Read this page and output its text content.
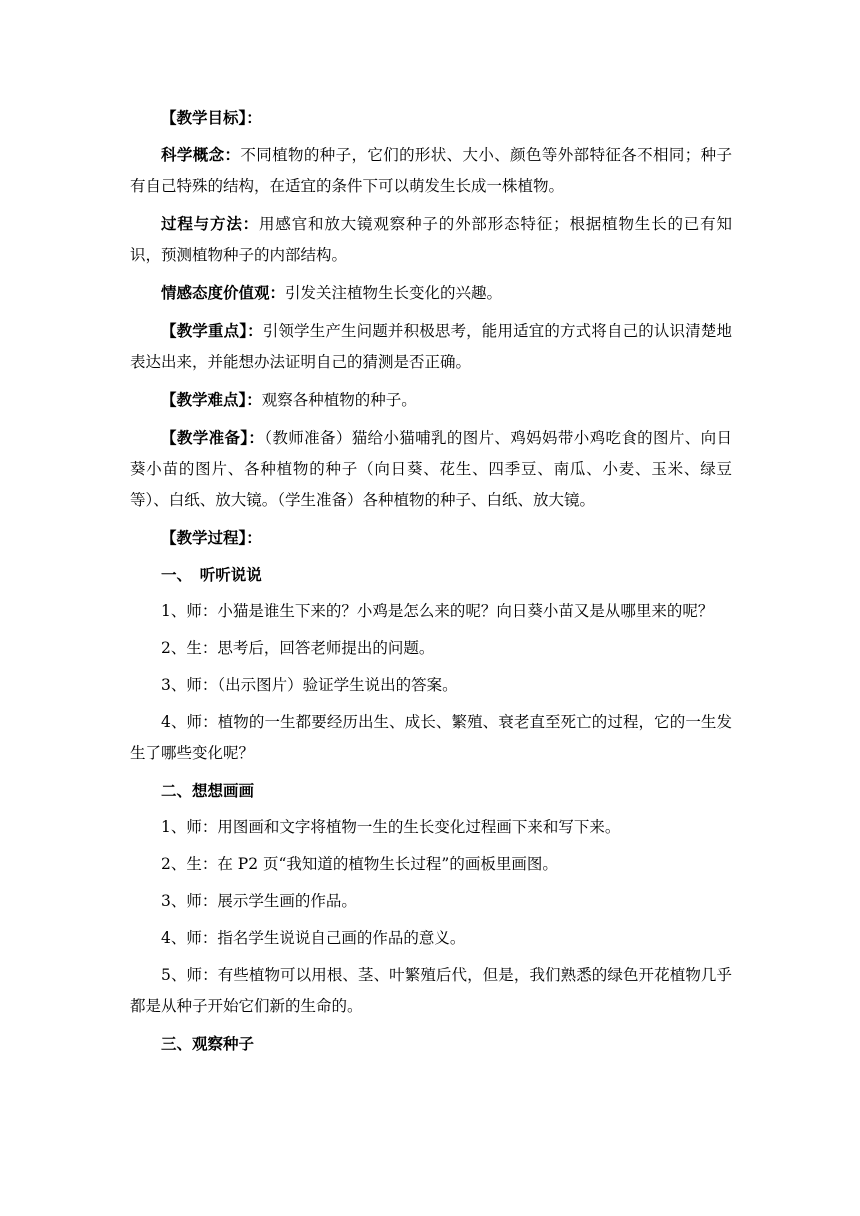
【教学目标】：

科学概念：不同植物的种子，它们的形状、大小、颜色等外部特征各不相同；种子有自己特殊的结构，在适宜的条件下可以萌发生长成一株植物。

过程与方法：用感官和放大镜观察种子的外部形态特征；根据植物生长的已有知识，预测植物种子的内部结构。

情感态度价值观：引发关注植物生长变化的兴趣。

【教学重点】：引领学生产生问题并积极思考，能用适宜的方式将自己的认识清楚地表达出来，并能想办法证明自己的猜测是否正确。

【教学难点】：观察各种植物的种子。

【教学准备】：（教师准备）猫给小猫哺乳的图片、鸡妈妈带小鸡吃食的图片、向日葵小苗的图片、各种植物的种子（向日葵、花生、四季豆、南瓜、小麦、玉米、绿豆等）、白纸、放大镜。（学生准备）各种植物的种子、白纸、放大镜。

【教学过程】：

一、　听听说说

1、师：小猫是谁生下来的？小鸡是怎么来的呢？向日葵小苗又是从哪里来的呢？

2、生：思考后，回答老师提出的问题。

3、师：（出示图片）验证学生说出的答案。

4、师：植物的一生都要经历出生、成长、繁殖、衰老直至死亡的过程，它的一生发生了哪些变化呢？

二、想想画画

1、师：用图画和文字将植物一生的生长变化过程画下来和写下来。

2、生：在 P2 页“我知道的植物生长过程”的画板里画图。

3、师：展示学生画的作品。

4、师：指名学生说说自己画的作品的意义。

5、师：有些植物可以用根、茎、叶繁殖后代，但是，我们熟悉的绿色开花植物几乎都是从种子开始它们新的生命的。

三、观察种子
